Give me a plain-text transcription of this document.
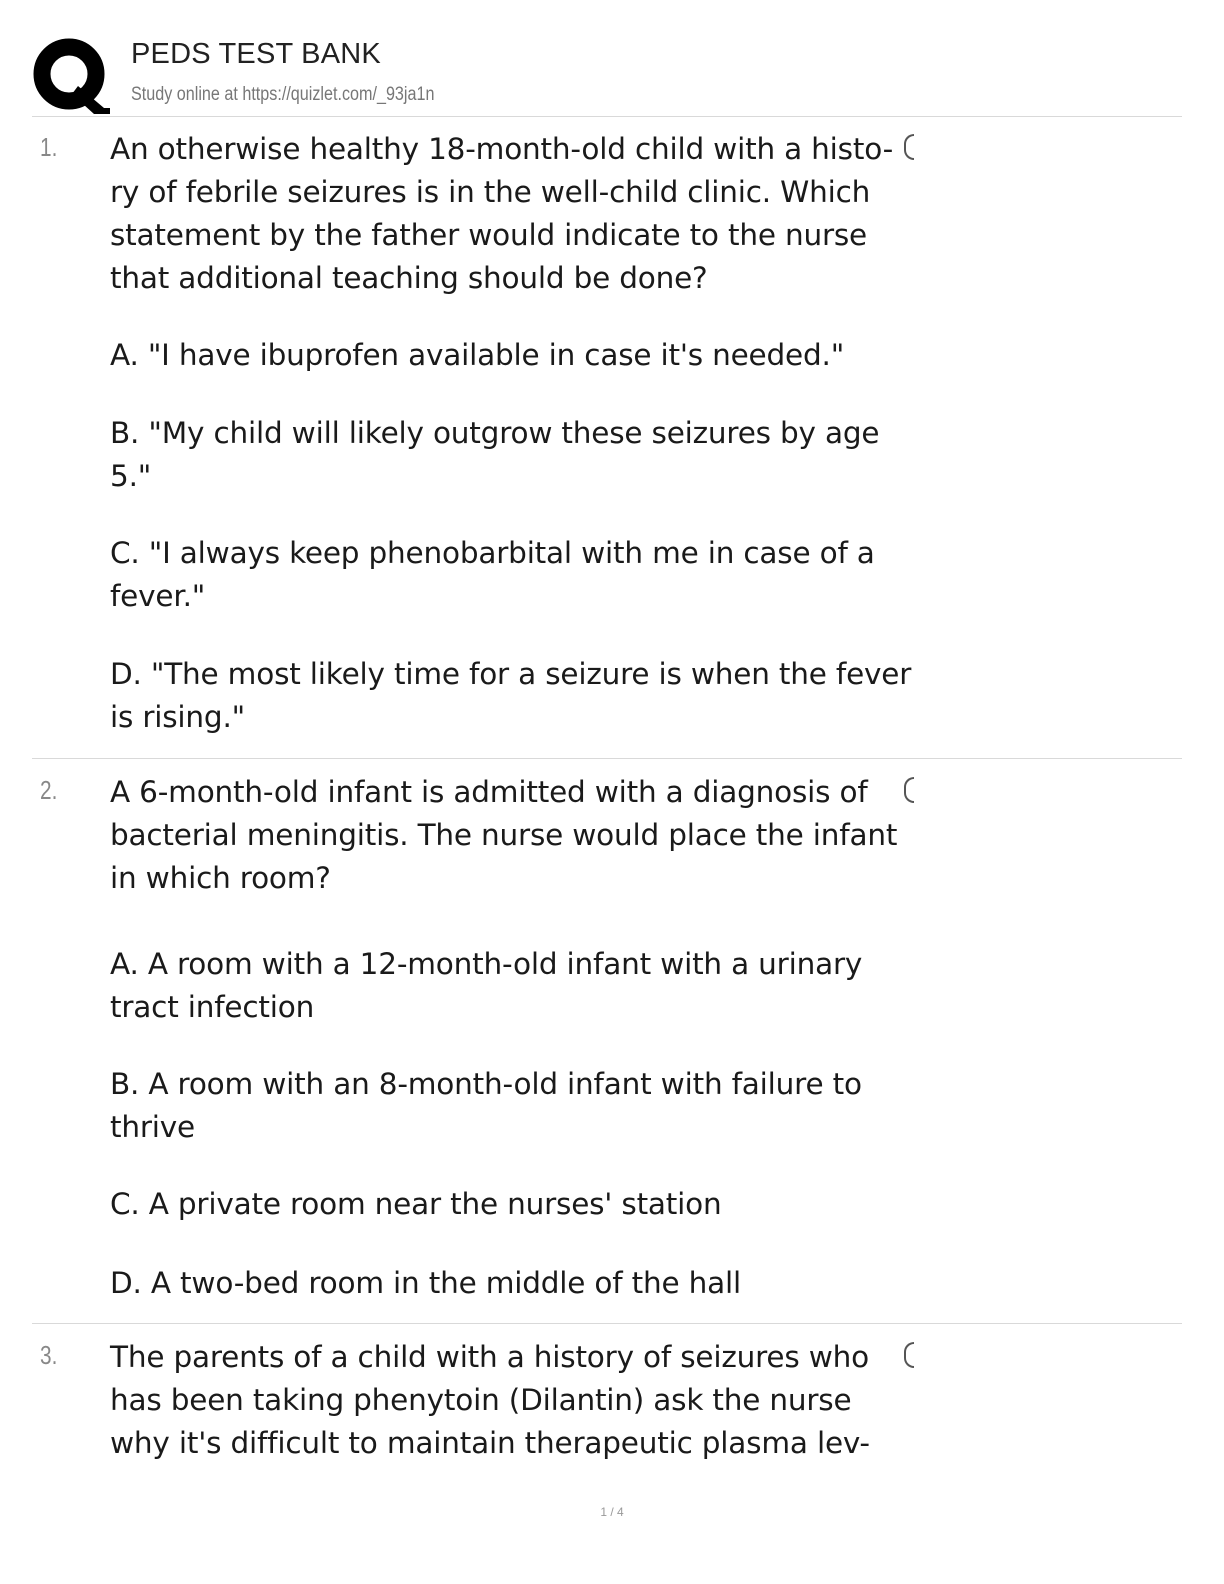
PEDS TEST BANK
Study online at https://quizlet.com/_93ja1n
1. An otherwise healthy 18-month-old child with a histo-
ry of febrile seizures is in the well-child clinic. Which
statement by the father would indicate to the nurse
that additional teaching should be done?
A. "I have ibuprofen available in case it's needed."
B. "My child will likely outgrow these seizures by age
5."
C. "I always keep phenobarbital with me in case of a
fever."
D. "The most likely time for a seizure is when the fever
is rising."
2. A 6-month-old infant is admitted with a diagnosis of
bacterial meningitis. The nurse would place the infant
in which room?
A. A room with a 12-month-old infant with a urinary
tract infection
B. A room with an 8-month-old infant with failure to
thrive
C. A private room near the nurses' station
D. A two-bed room in the middle of the hall
3. The parents of a child with a history of seizures who
has been taking phenytoin (Dilantin) ask the nurse
why it's difficult to maintain therapeutic plasma lev-
1 / 4
